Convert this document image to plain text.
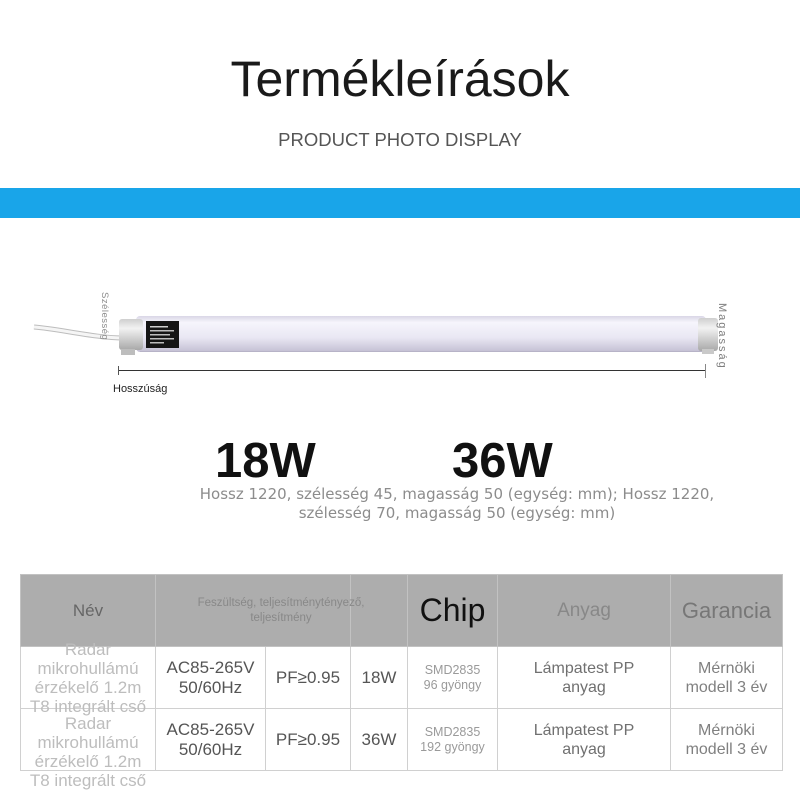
Termékleírások
PRODUCT PHOTO DISPLAY
Szélesség	Magasság
Hosszúság
18W	36W
Hossz 1220, szélesség 45, magasság 50 (egység: mm); Hossz 1220, szélesség 70, magasság 50 (egység: mm)
Név	Feszültség, teljesítménytényező, teljesítmény			Chip	Anyag	Garancia

Radar mikrohullámú érzékelő 1.2m T8 integrált cső	AC85-265V 50/60Hz	PF≥0.95	18W	SMD2835 96 gyöngy	Lámpatest PP anyag	Mérnöki modell 3 év

Radar mikrohullámú érzékelő 1.2m T8 integrált cső	AC85-265V 50/60Hz	PF≥0.95	36W	SMD2835 192 gyöngy	Lámpatest PP anyag	Mérnöki modell 3 év
